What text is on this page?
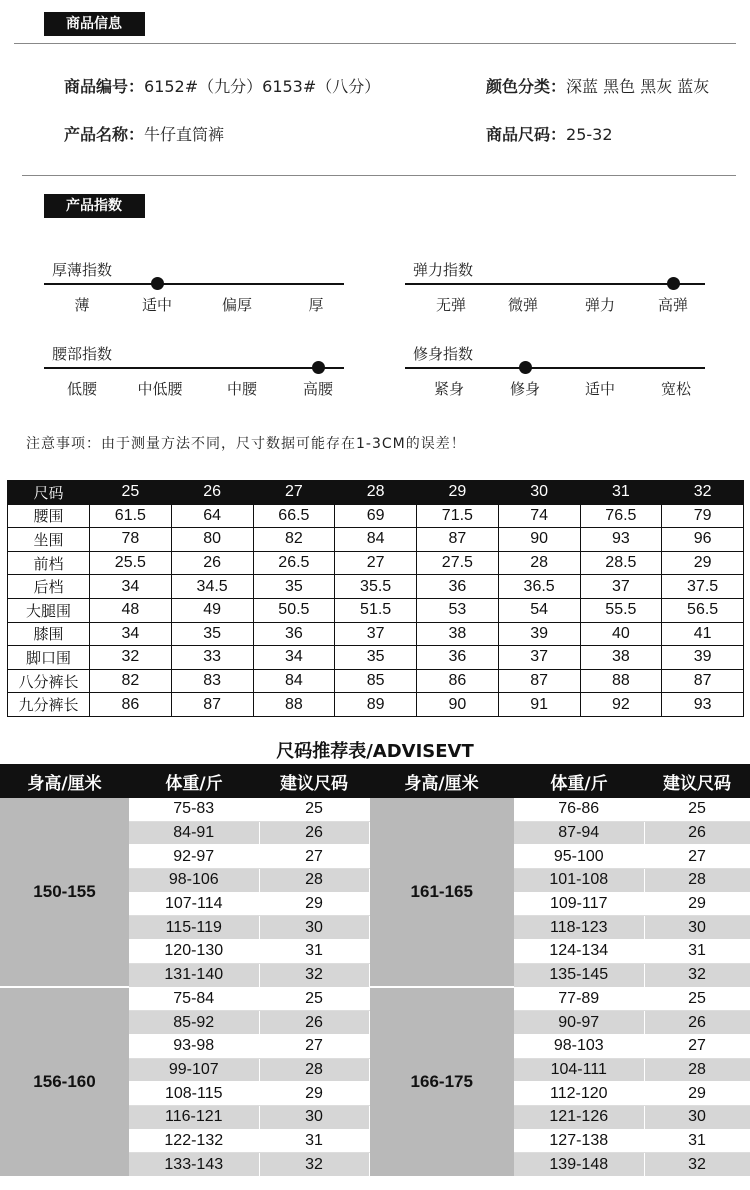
商品信息
商品编号：6152#（九分）6153#（八分）	颜色分类：深蓝 黑色 黑灰 蓝灰
产品名称：牛仔直筒裤	商品尺码：25-32
产品指数
厚薄指数
薄	适中	偏厚	厚
弹力指数
无弹	微弹	弹力	高弹
腰部指数
低腰	中低腰	中腰	高腰
修身指数
紧身	修身	适中	宽松
注意事项：由于测量方法不同，尺寸数据可能存在1-3CM的误差！
尺码	25	26	27	28	29	30	31	32
腰围	61.5	64	66.5	69	71.5	74	76.5	79
坐围	78	80	82	84	87	90	93	96
前档	25.5	26	26.5	27	27.5	28	28.5	29
后档	34	34.5	35	35.5	36	36.5	37	37.5
大腿围	48	49	50.5	51.5	53	54	55.5	56.5
膝围	34	35	36	37	38	39	40	41
脚口围	32	33	34	35	36	37	38	39
八分裤长	82	83	84	85	86	87	88	87
九分裤长	86	87	88	89	90	91	92	93
尺码推荐表/ADVISEVT
身高/厘米	体重/斤	建议尺码	身高/厘米	体重/斤	建议尺码
150-155	75-83	25	161-165	76-86	25
	84-91	26		87-94	26
	92-97	27		95-100	27
	98-106	28		101-108	28
	107-114	29		109-117	29
	115-119	30		118-123	30
	120-130	31		124-134	31
	131-140	32		135-145	32
156-160	75-84	25	166-175	77-89	25
	85-92	26		90-97	26
	93-98	27		98-103	27
	99-107	28		104-111	28
	108-115	29		112-120	29
	116-121	30		121-126	30
	122-132	31		127-138	31
	133-143	32		139-148	32
